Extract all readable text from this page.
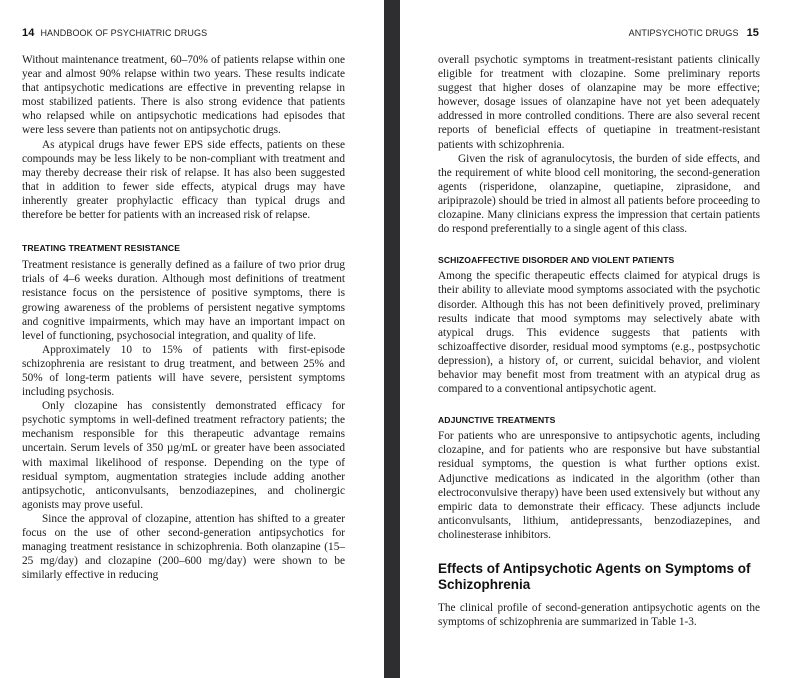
14 HANDBOOK OF PSYCHIATRIC DRUGS

Without maintenance treatment, 60–70% of patients relapse within one year and almost 90% relapse within two years. These results indicate that antipsychotic medications are effective in preventing relapse in most stabilized patients. There is also strong evidence that patients who relapsed while on antipsychotic medications had episodes that were less severe than patients not on antipsychotic drugs.

As atypical drugs have fewer EPS side effects, patients on these compounds may be less likely to be non-compliant with treatment and may thereby decrease their risk of relapse. It has also been suggested that in addition to fewer side effects, atypical drugs may have inherently greater prophylactic efficacy than typical drugs and therefore be better for patients with an increased risk of relapse.

TREATING TREATMENT RESISTANCE

Treatment resistance is generally defined as a failure of two prior drug trials of 4–6 weeks duration. Although most definitions of treatment resistance focus on the persistence of positive symptoms, there is growing awareness of the problems of persistent negative symptoms and cognitive impairments, which may have an important impact on level of functioning, psychosocial integration, and quality of life.

Approximately 10 to 15% of patients with first-episode schizophrenia are resistant to drug treatment, and between 25% and 50% of long-term patients will have severe, persistent symptoms including psychosis.

Only clozapine has consistently demonstrated efficacy for psychotic symptoms in well-defined treatment refractory patients; the mechanism responsible for this therapeutic advantage remains uncertain. Serum levels of 350 µg/mL or greater have been associated with maximal likelihood of response. Depending on the type of residual symptom, augmentation strategies include adding another antipsychotic, anticonvulsants, benzodiazepines, and cholinergic agonists may prove useful.

Since the approval of clozapine, attention has shifted to a greater focus on the use of other second-generation antipsychotics for managing treatment resistance in schizophrenia. Both olanzapine (15–25 mg/day) and clozapine (200–600 mg/day) were shown to be similarly effective in reducing

ANTIPSYCHOTIC DRUGS 15

overall psychotic symptoms in treatment-resistant patients clinically eligible for treatment with clozapine. Some preliminary reports suggest that higher doses of olanzapine may be more effective; however, dosage issues of olanzapine have not yet been adequately addressed in more controlled conditions. There are also several recent reports of beneficial effects of quetiapine in treatment-resistant patients with schizophrenia.

Given the risk of agranulocytosis, the burden of side effects, and the requirement of white blood cell monitoring, the second-generation agents (risperidone, olanzapine, quetiapine, ziprasidone, and aripiprazole) should be tried in almost all patients before proceeding to clozapine. Many clinicians express the impression that certain patients do respond preferentially to a single agent of this class.

SCHIZOAFFECTIVE DISORDER AND VIOLENT PATIENTS

Among the specific therapeutic effects claimed for atypical drugs is their ability to alleviate mood symptoms associated with the psychotic disorder. Although this has not been definitively proved, preliminary results indicate that mood symptoms may selectively abate with atypical drugs. This evidence suggests that patients with schizoaffective disorder, residual mood symptoms (e.g., postpsychotic depression), a history of, or current, suicidal behavior, and violent behavior may benefit most from treatment with an atypical drug as compared to a conventional antipsychotic agent.

ADJUNCTIVE TREATMENTS

For patients who are unresponsive to antipsychotic agents, including clozapine, and for patients who are responsive but have substantial residual symptoms, the question is what further options exist. Adjunctive medications as indicated in the algorithm (other than electroconvulsive therapy) have been used extensively but without any empiric data to demonstrate their efficacy. These adjuncts include anticonvulsants, lithium, antidepressants, benzodiazepines, and cholinesterase inhibitors.

Effects of Antipsychotic Agents on Symptoms of Schizophrenia

The clinical profile of second-generation antipsychotic agents on the symptoms of schizophrenia are summarized in Table 1-3.
